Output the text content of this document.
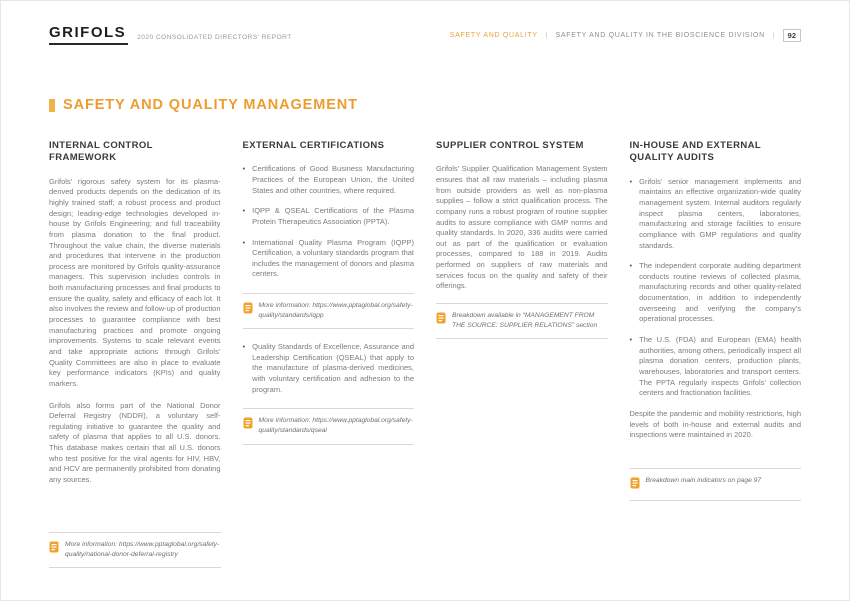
GRIFOLS	2020 CONSOLIDATED DIRECTORS’ REPORT	SAFETY AND QUALITY | SAFETY AND QUALITY IN THE BIOSCIENCE DIVISION |	92
SAFETY AND QUALITY MANAGEMENT
INTERNAL CONTROL FRAMEWORK

Grifols’ rigorous safety system for its plasma-derived products depends on the dedication of its highly trained staff; a robust process and product design; leading-edge technologies developed in-house by Grifols Engineering; and full traceability from plasma donation to the final product. Throughout the value chain, the diverse materials and procedures that intervene in the production process are monitored by Grifols quality-assurance managers. This supervision includes controls in both manufacturing processes and final products to ensure the quality, safety and efficacy of each lot. It also involves the review and follow-up of production processes to guarantee compliance with best manufacturing practices and promote ongoing improvements. Systems to scale relevant events and take appropriate actions through Grifols’ Quality Committees are also in place to evaluate key performance indicators (KPIs) and quality markers.

Grifols also forms part of the National Donor Deferral Registry (NDDR), a voluntary self-regulating initiative to guarantee the quality and safety of plasma that applies to all U.S. donors. This database makes certain that all U.S. donors who test positive for the viral agents for HIV, HBV, and HCV are permanently prohibited from donating any sources.

More information: https://www.pptaglobal.org/safety-quality/national-donor-deferral-registry
EXTERNAL CERTIFICATIONS
• Certifications of Good Business Manufacturing Practices of the European Union, the United States and other countries, where required.
• IQPP & QSEAL Certifications of the Plasma Protein Therapeutics Association (PPTA).
• International Quality Plasma Program (IQPP) Certification, a voluntary standards program that includes the management of donors and plasma centers.
More information: https://www.pptaglobal.org/safety-quality/standards/iqpp
• Quality Standards of Excellence, Assurance and Leadership Certification (QSEAL) that apply to the manufacture of plasma-derived medicines, with voluntary certification and adhesion to the program.
More information: https://www.pptaglobal.org/safety-quality/standards/qseal
SUPPLIER CONTROL SYSTEM

Grifols’ Supplier Qualification Management System ensures that all raw materials – including plasma from outside providers as well as non-plasma supplies – follow a strict qualification process. The company runs a robust program of routine supplier audits to assure compliance with GMP norms and quality standards. In 2020, 336 audits were carried out as part of the qualification or evaluation processes, compared to 188 in 2019. Audits performed on suppliers of raw materials and services focus on the quality and safety of their offerings.

Breakdown available in “MANAGEMENT FROM THE SOURCE: SUPPLIER RELATIONS” section
IN-HOUSE AND EXTERNAL QUALITY AUDITS
• Grifols’ senior management implements and maintains an effective organization-wide quality management system. Internal auditors regularly inspect plasma centers, laboratories, manufacturing and storage facilities to ensure compliance with GMP regulations and quality standards.
• The independent corporate auditing department conducts routine reviews of collected plasma, manufacturing records and other quality-related documentation, in addition to independently overseeing and verifying the company’s operational processes.
• The U.S. (FDA) and European (EMA) health authorities, among others, periodically inspect all plasma donation centers, production plants, warehouses, laboratories and transport centers. The PPTA regularly inspects Grifols’ collection centers and fractionation facilities.

Despite the pandemic and mobility restrictions, high levels of both in-house and external audits and inspections were maintained in 2020.

Breakdown main indicators on page 97
